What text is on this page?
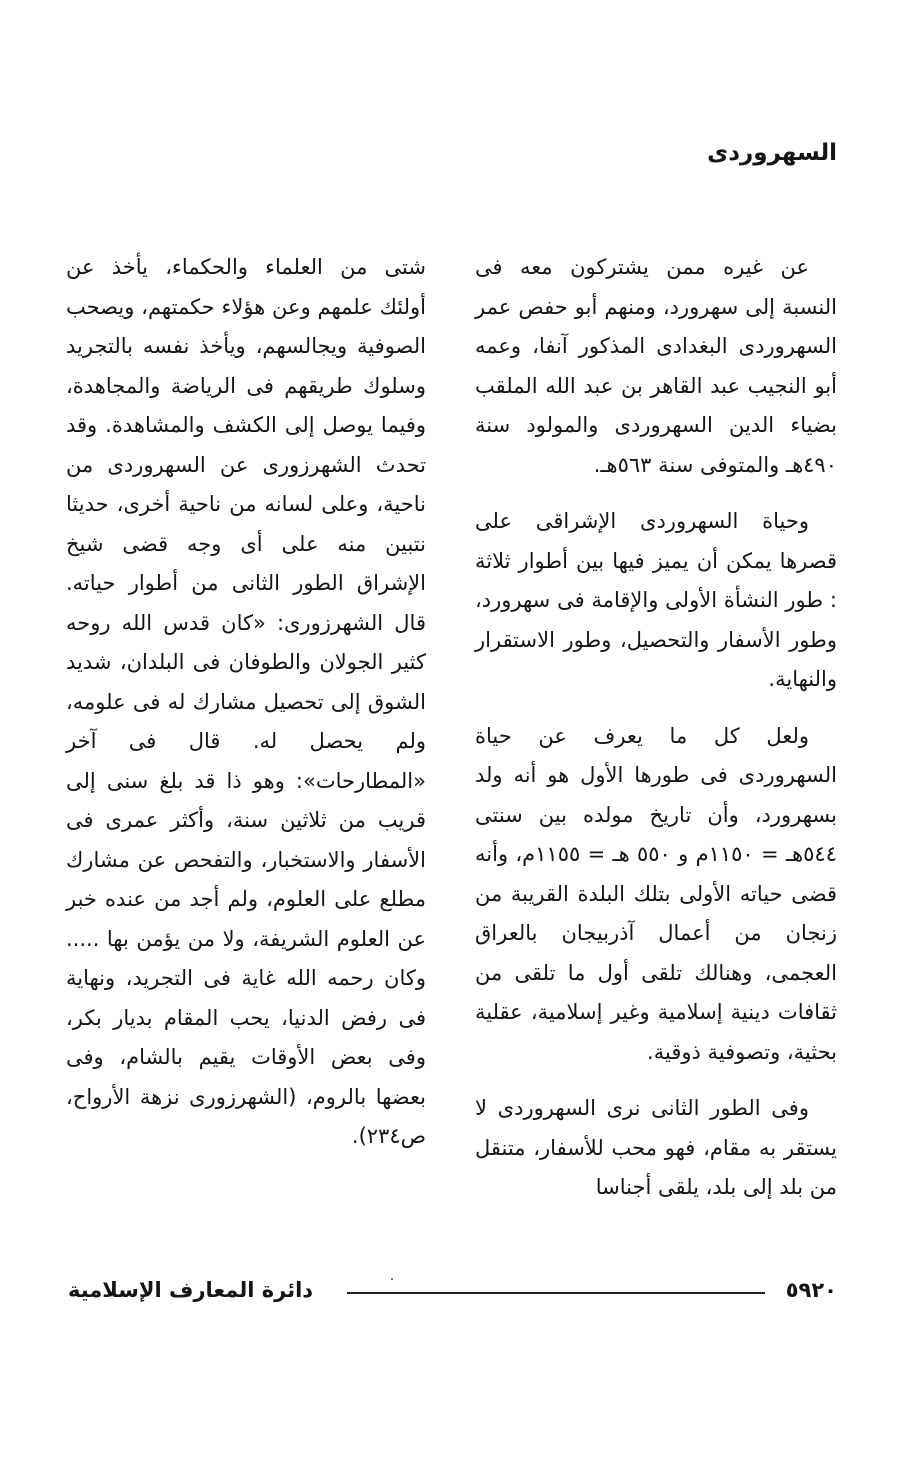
السهروردى

عن غيره ممن يشتركون معه فى النسبة إلى سهرورد، ومنهم أبو حفص عمر السهروردى البغدادى المذكور آنفا، وعمه أبو النجيب عبد القاهر بن عبد الله الملقب بضياء الدين السهروردى والمولود سنة ٤٩٠هـ والمتوفى سنة ٥٦٣هـ.

وحياة السهروردى الإشراقى على قصرها يمكن أن يميز فيها بين أطوار ثلاثة : طور النشأة الأولى والإقامة فى سهرورد، وطور الأسفار والتحصيل، وطور الاستقرار والنهاية.

ولعل كل ما يعرف عن حياة السهروردى فى طورها الأول هو أنه ولد بسهرورد، وأن تاريخ مولده بين سنتى ٥٤٤هـ = ١١٥٠م و ٥٥٠ هـ = ١١٥٥م، وأنه قضى حياته الأولى بتلك البلدة القريبة من زنجان من أعمال آذربيجان بالعراق العجمى، وهنالك تلقى أول ما تلقى من ثقافات دينية إسلامية وغير إسلامية، عقلية بحثية، وتصوفية ذوقية.

وفى الطور الثانى نرى السهروردى لا يستقر به مقام، فهو محب للأسفار، متنقل من بلد إلى بلد، يلقى أجناسا

شتى من العلماء والحكماء، يأخذ عن أولئك علمهم وعن هؤلاء حكمتهم، ويصحب الصوفية ويجالسهم، ويأخذ نفسه بالتجريد وسلوك طريقهم فى الرياضة والمجاهدة، وفيما يوصل إلى الكشف والمشاهدة. وقد تحدث الشهرزورى عن السهروردى من ناحية، وعلى لسانه من ناحية أخرى، حديثا نتبين منه على أى وجه قضى شيخ الإشراق الطور الثانى من أطوار حياته. قال الشهرزورى: «كان قدس الله روحه كثير الجولان والطوفان فى البلدان، شديد الشوق إلى تحصيل مشارك له فى علومه، ولم يحصل له. قال فى آخر «المطارحات»: وهو ذا قد بلغ سنى إلى قريب من ثلاثين سنة، وأكثر عمرى فى الأسفار والاستخبار، والتفحص عن مشارك مطلع على العلوم، ولم أجد من عنده خبر عن العلوم الشريفة، ولا من يؤمن بها ..... وكان رحمه الله غاية فى التجريد، ونهاية فى رفض الدنيا، يحب المقام بديار بكر، وفى بعض الأوقات يقيم بالشام، وفى بعضها بالروم، (الشهرزورى نزهة الأرواح، ص٢٣٤).

٥٩٢٠
دائرة المعارف الإسلامية
